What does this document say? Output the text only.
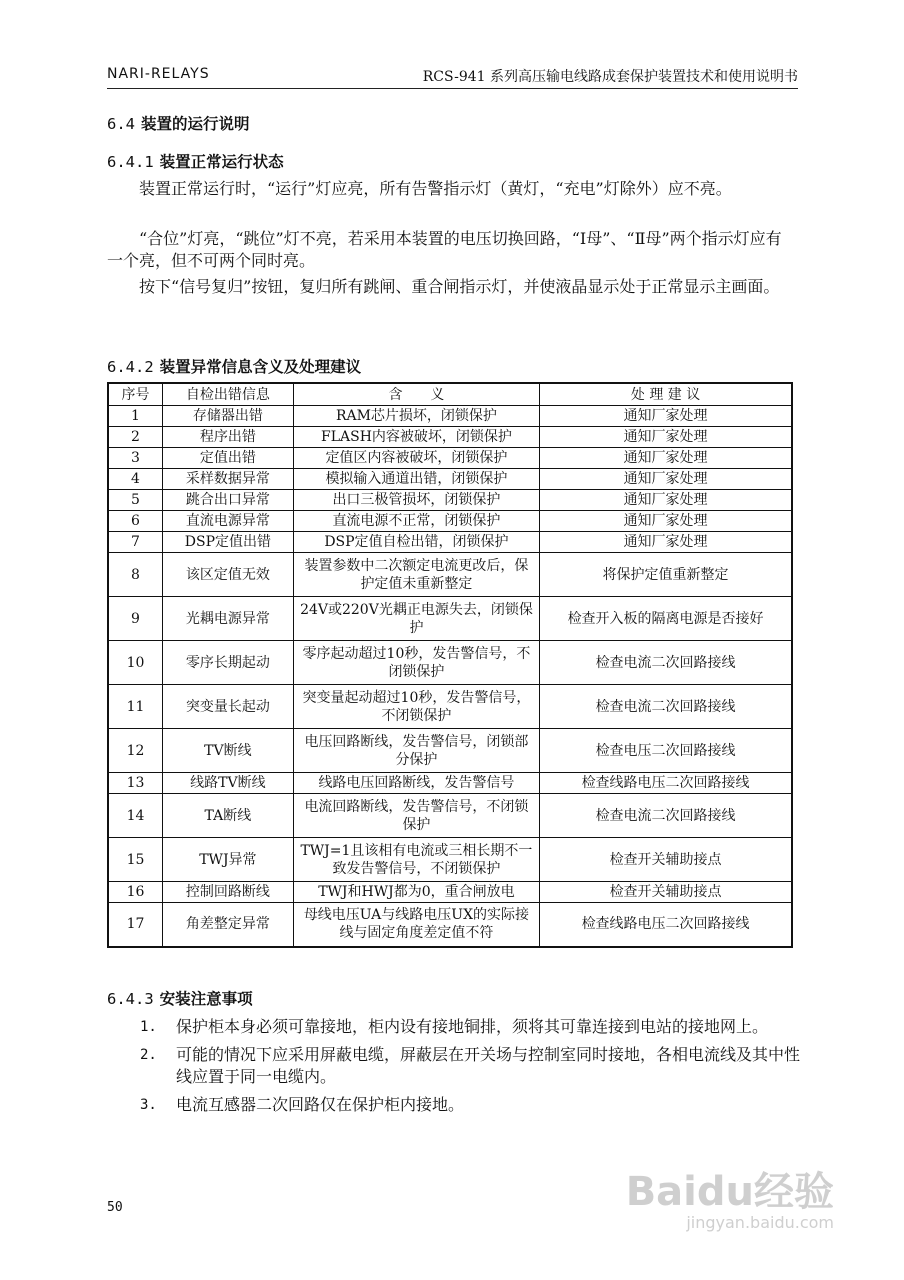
NARI-RELAYS	RCS-941 系列高压输电线路成套保护装置技术和使用说明书
6.4 装置的运行说明
6.4.1 装置正常运行状态
装置正常运行时，“运行”灯应亮，所有告警指示灯（黄灯，“充电”灯除外）应不亮。
“合位”灯亮，“跳位”灯不亮，若采用本装置的电压切换回路，“Ⅰ母”、“Ⅱ母”两个指示灯应有一个亮，但不可两个同时亮。
按下“信号复归”按钮，复归所有跳闸、重合闸指示灯，并使液晶显示处于正常显示主画面。
6.4.2 装置异常信息含义及处理建议
序号	自检出错信息	含　　义	处 理 建 议
1	存储器出错	RAM芯片损坏，闭锁保护	通知厂家处理
2	程序出错	FLASH内容被破坏，闭锁保护	通知厂家处理
3	定值出错	定值区内容被破坏，闭锁保护	通知厂家处理
4	采样数据异常	模拟输入通道出错，闭锁保护	通知厂家处理
5	跳合出口异常	出口三极管损坏，闭锁保护	通知厂家处理
6	直流电源异常	直流电源不正常，闭锁保护	通知厂家处理
7	DSP定值出错	DSP定值自检出错，闭锁保护	通知厂家处理
8	该区定值无效	装置参数中二次额定电流更改后，保护定值未重新整定	将保护定值重新整定
9	光耦电源异常	24V或220V光耦正电源失去，闭锁保护	检查开入板的隔离电源是否接好
10	零序长期起动	零序起动超过10秒，发告警信号，不闭锁保护	检查电流二次回路接线
11	突变量长起动	突变量起动超过10秒，发告警信号，不闭锁保护	检查电流二次回路接线
12	TV断线	电压回路断线，发告警信号，闭锁部分保护	检查电压二次回路接线
13	线路TV断线	线路电压回路断线，发告警信号	检查线路电压二次回路接线
14	TA断线	电流回路断线，发告警信号，不闭锁保护	检查电流二次回路接线
15	TWJ异常	TWJ=1且该相有电流或三相长期不一致发告警信号，不闭锁保护	检查开关辅助接点
16	控制回路断线	TWJ和HWJ都为0，重合闸放电	检查开关辅助接点
17	角差整定异常	母线电压UA与线路电压UX的实际接线与固定角度差定值不符	检查线路电压二次回路接线
6.4.3 安装注意事项
1. 保护柜本身必须可靠接地，柜内设有接地铜排，须将其可靠连接到电站的接地网上。
2. 可能的情况下应采用屏蔽电缆，屏蔽层在开关场与控制室同时接地，各相电流线及其中性线应置于同一电缆内。
3. 电流互感器二次回路仅在保护柜内接地。
50	Baidu经验
jingyan.baidu.com
